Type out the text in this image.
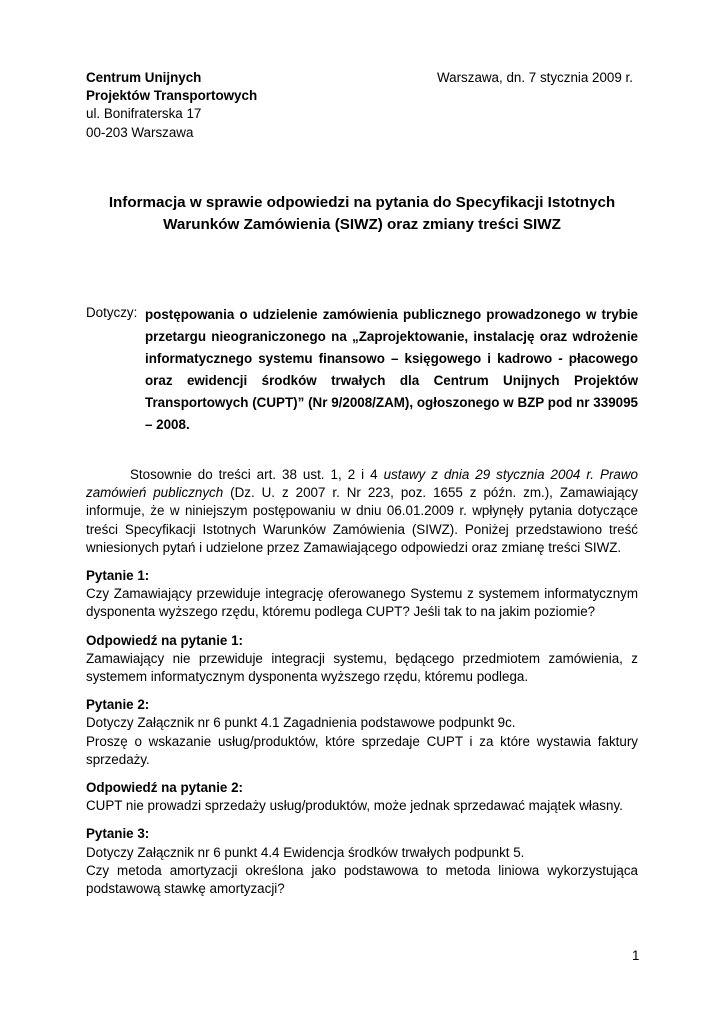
Centrum Unijnych
Projektów Transportowych
ul. Bonifraterska 17
00-203 Warszawa
Warszawa, dn. 7 stycznia 2009 r.
Informacja w sprawie odpowiedzi na pytania do Specyfikacji Istotnych Warunków Zamówienia (SIWZ) oraz zmiany treści SIWZ
Dotyczy: postępowania o udzielenie zamówienia publicznego prowadzonego w trybie przetargu nieograniczonego na „Zaprojektowanie, instalację oraz wdrożenie informatycznego systemu finansowo – księgowego i kadrowo - płacowego oraz ewidencji środków trwałych dla Centrum Unijnych Projektów Transportowych (CUPT)” (Nr 9/2008/ZAM), ogłoszonego w BZP pod nr 339095 – 2008.

Stosownie do treści art. 38 ust. 1, 2 i 4 ustawy z dnia 29 stycznia 2004 r. Prawo zamówień publicznych (Dz. U. z 2007 r. Nr 223, poz. 1655 z późn. zm.), Zamawiający informuje, że w niniejszym postępowaniu w dniu 06.01.2009 r. wpłynęły pytania dotyczące treści Specyfikacji Istotnych Warunków Zamówienia (SIWZ). Poniżej przedstawiono treść wniesionych pytań i udzielone przez Zamawiającego odpowiedzi oraz zmianę treści SIWZ.

Pytanie 1:
Czy Zamawiający przewiduje integrację oferowanego Systemu z systemem informatycznym dysponenta wyższego rzędu, któremu podlega CUPT? Jeśli tak to na jakim poziomie?
Odpowiedź na pytanie 1:
Zamawiający nie przewiduje integracji systemu, będącego przedmiotem zamówienia, z systemem informatycznym dysponenta wyższego rzędu, któremu podlega.
Pytanie 2:
Dotyczy Załącznik nr 6 punkt 4.1 Zagadnienia podstawowe podpunkt 9c.
Proszę o wskazanie usług/produktów, które sprzedaje CUPT i za które wystawia faktury sprzedaży.
Odpowiedź na pytanie 2:
CUPT nie prowadzi sprzedaży usług/produktów, może jednak sprzedawać majątek własny.
Pytanie 3:
Dotyczy Załącznik nr 6 punkt 4.4 Ewidencja środków trwałych podpunkt 5.
Czy metoda amortyzacji określona jako podstawowa to metoda liniowa wykorzystująca podstawową stawkę amortyzacji?
1
